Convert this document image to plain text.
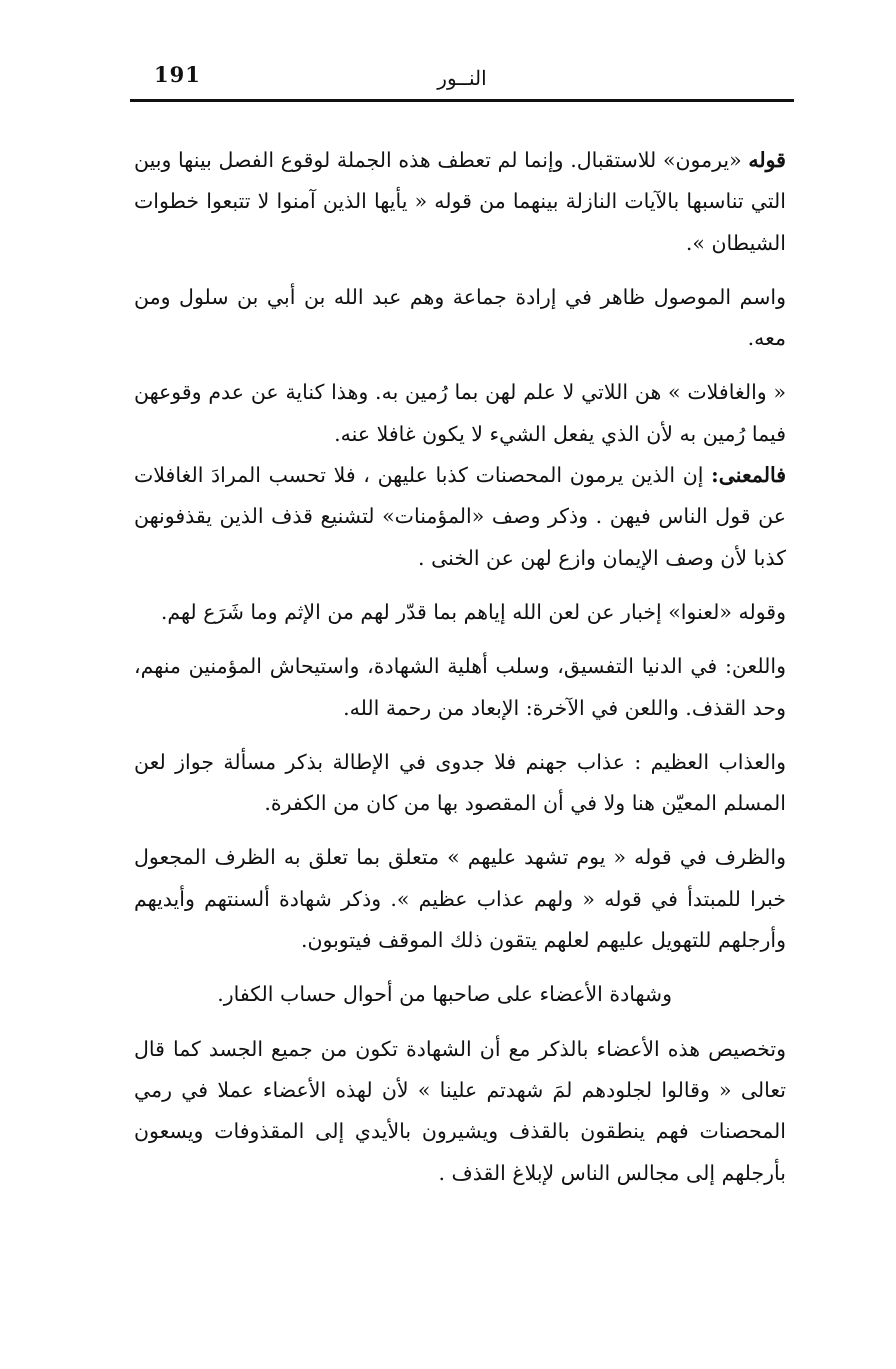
191	النــور

قوله «يرمون» للاستقبال. وإنما لم تعطف هذه الجملة لوقوع الفصل بينها وبين التي تناسبها بالآيات النازلة بينهما من قوله « يأيها الذين آمنوا لا تتبعوا خطوات الشيطان ».

واسم الموصول ظاهر في إرادة جماعة وهم عبد الله بن أبي بن سلول ومن معه.

« والغافلات » هن اللاتي لا علم لهن بما رُمين به. وهذا كناية عن عدم وقوعهن فيما رُمين به لأن الذي يفعل الشيء لا يكون غافلا عنه.

فالمعنى: إن الذين يرمون المحصنات كذبا عليهن ، فلا تحسب المرادَ الغافلات عن قول الناس فيهن . وذكر وصف «المؤمنات» لتشنيع قذف الذين يقذفونهن كذبا لأن وصف الإيمان وازع لهن عن الخنى .

وقوله «لعنوا» إخبار عن لعن الله إياهم بما قدّر لهم من الإثم وما شَرَع لهم.

واللعن: في الدنيا التفسيق، وسلب أهلية الشهادة، واستيحاش المؤمنين منهم، وحد القذف. واللعن في الآخرة: الإبعاد من رحمة الله.

والعذاب العظيم : عذاب جهنم فلا جدوى في الإطالة بذكر مسألة جواز لعن المسلم المعيّن هنا ولا في أن المقصود بها من كان من الكفرة.

والظرف في قوله « يوم تشهد عليهم » متعلق بما تعلق به الظرف المجعول خبرا للمبتدأ في قوله « ولهم عذاب عظيم ». وذكر شهادة ألسنتهم وأيديهم وأرجلهم للتهويل عليهم لعلهم يتقون ذلك الموقف فيتوبون.

وشهادة الأعضاء على صاحبها من أحوال حساب الكفار.

وتخصيص هذه الأعضاء بالذكر مع أن الشهادة تكون من جميع الجسد كما قال تعالى « وقالوا لجلودهم لمَ شهدتم علينا » لأن لهذه الأعضاء عملا في رمي المحصنات فهم ينطقون بالقذف ويشيرون بالأيدي إلى المقذوفات ويسعون بأرجلهم إلى مجالس الناس لإبلاغ القذف .
